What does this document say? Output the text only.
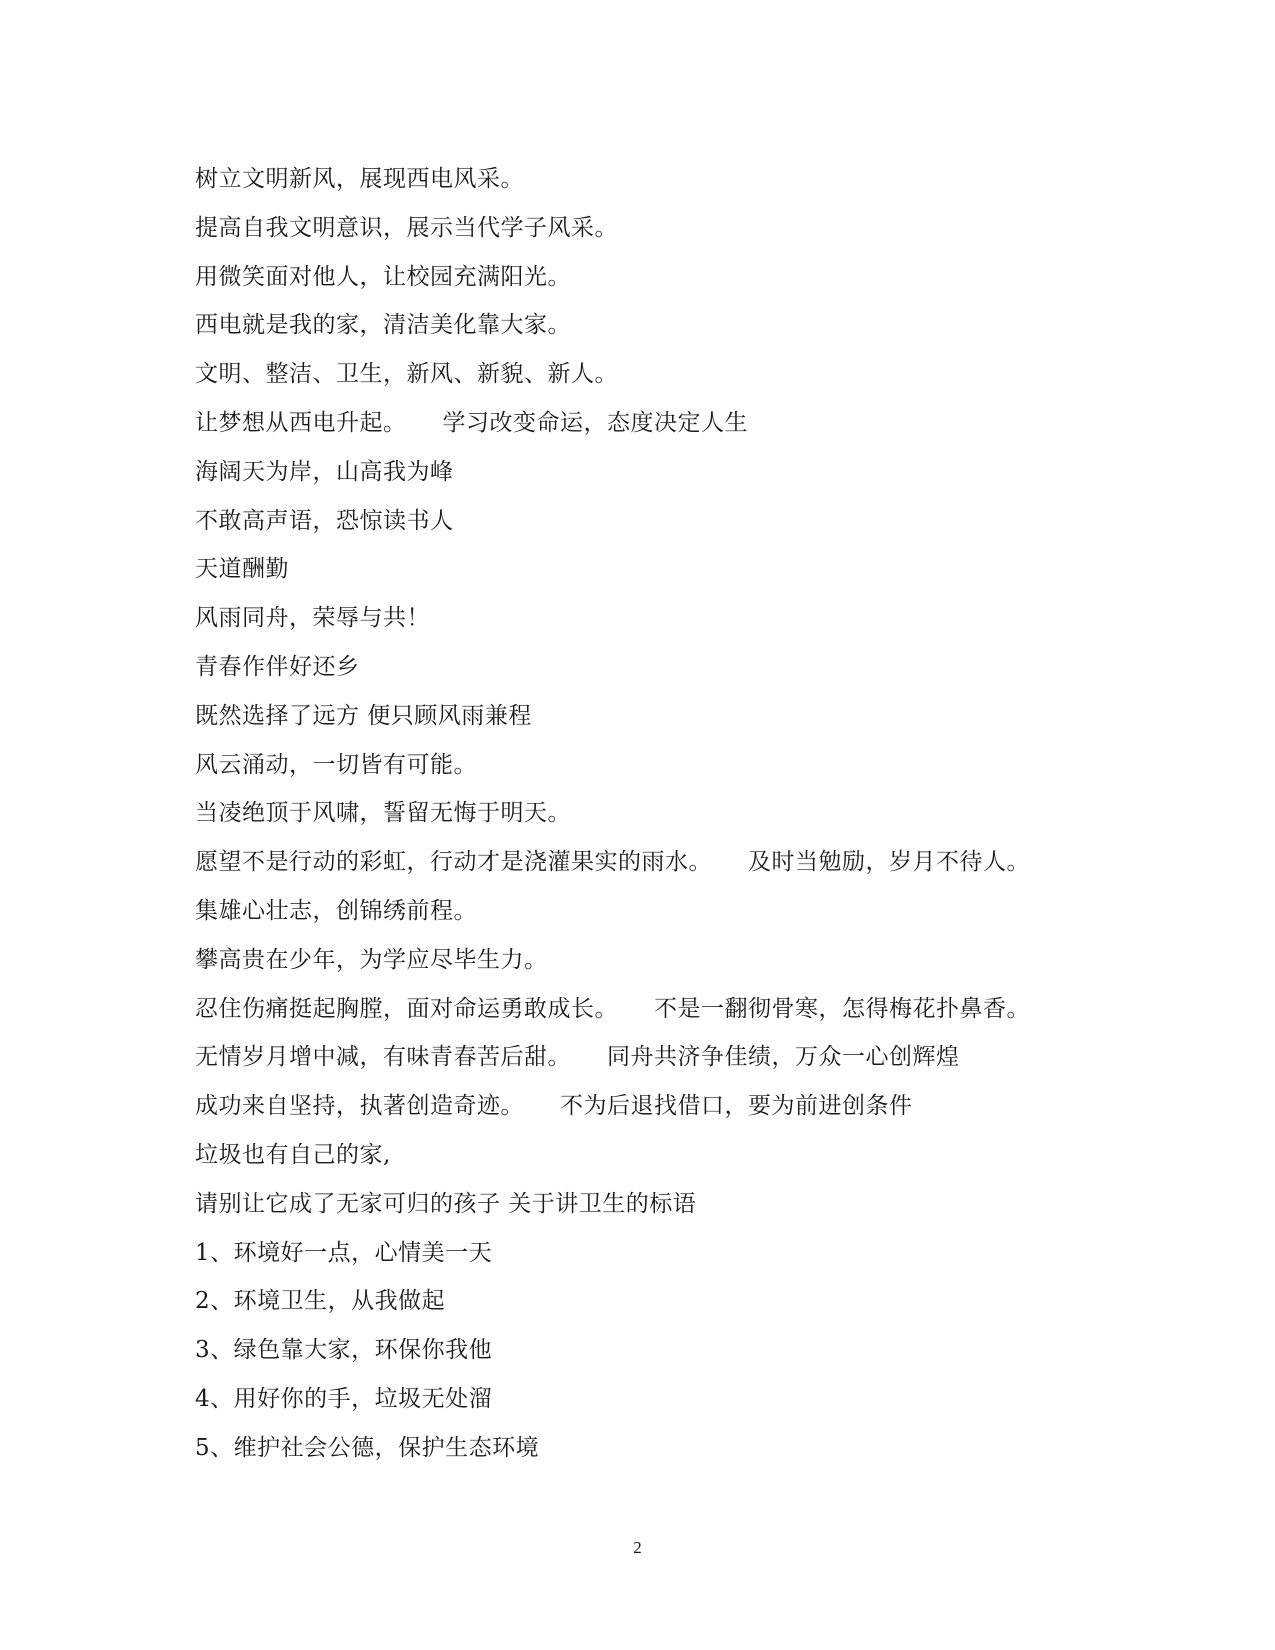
树立文明新风，展现西电风采。
提高自我文明意识，展示当代学子风采。
用微笑面对他人，让校园充满阳光。
西电就是我的家，清洁美化靠大家。
文明、整洁、卫生，新风、新貌、新人。
让梦想从西电升起。 学习改变命运，态度决定人生
海阔天为岸，山高我为峰
不敢高声语，恐惊读书人
天道酬勤
风雨同舟，荣辱与共！
青春作伴好还乡
既然选择了远方 便只顾风雨兼程
风云涌动，一切皆有可能。
当凌绝顶于风啸，誓留无悔于明天。
愿望不是行动的彩虹，行动才是浇灌果实的雨水。 及时当勉励，岁月不待人。
集雄心壮志，创锦绣前程。
攀高贵在少年，为学应尽毕生力。
忍住伤痛挺起胸膛，面对命运勇敢成长。 不是一翻彻骨寒，怎得梅花扑鼻香。
无情岁月增中减，有味青春苦后甜。 同舟共济争佳绩，万众一心创辉煌
成功来自坚持，执著创造奇迹。 不为后退找借口，要为前进创条件
垃圾也有自己的家,
请别让它成了无家可归的孩子 关于讲卫生的标语
1、环境好一点，心情美一天
2、环境卫生，从我做起
3、绿色靠大家，环保你我他
4、用好你的手，垃圾无处溜
5、维护社会公德，保护生态环境
2
